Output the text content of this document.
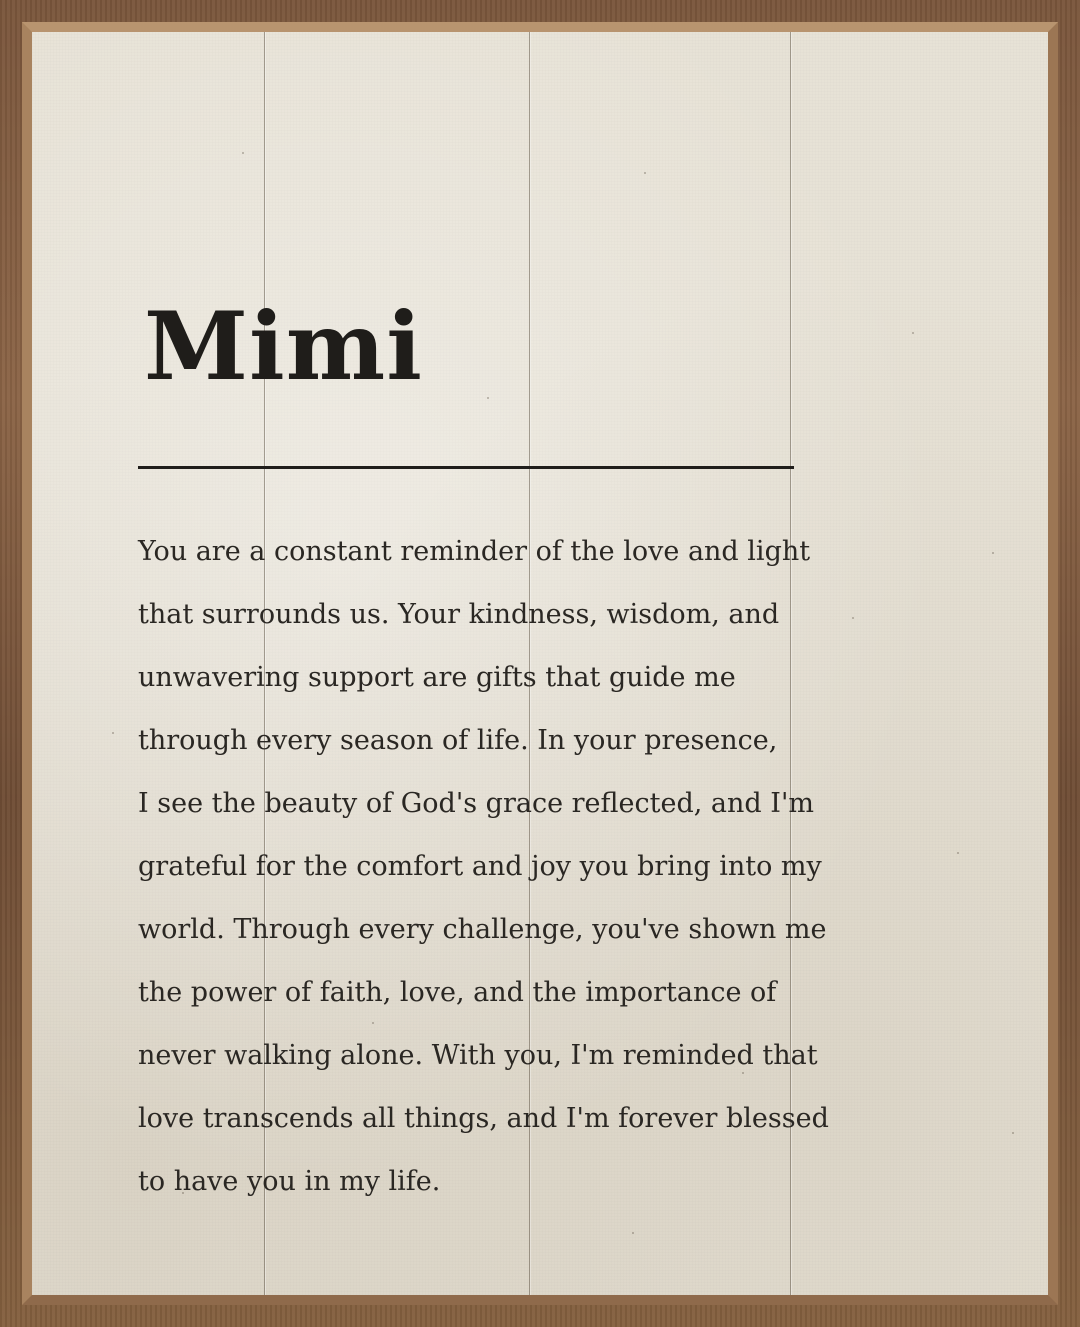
Mimi

You are a constant reminder of the love and light
that surrounds us. Your kindness, wisdom, and
unwavering support are gifts that guide me
through every season of life. In your presence,
I see the beauty of God's grace reflected, and I'm
grateful for the comfort and joy you bring into my
world. Through every challenge, you've shown me
the power of faith, love, and the importance of
never walking alone. With you, I'm reminded that
love transcends all things, and I'm forever blessed
to have you in my life.
